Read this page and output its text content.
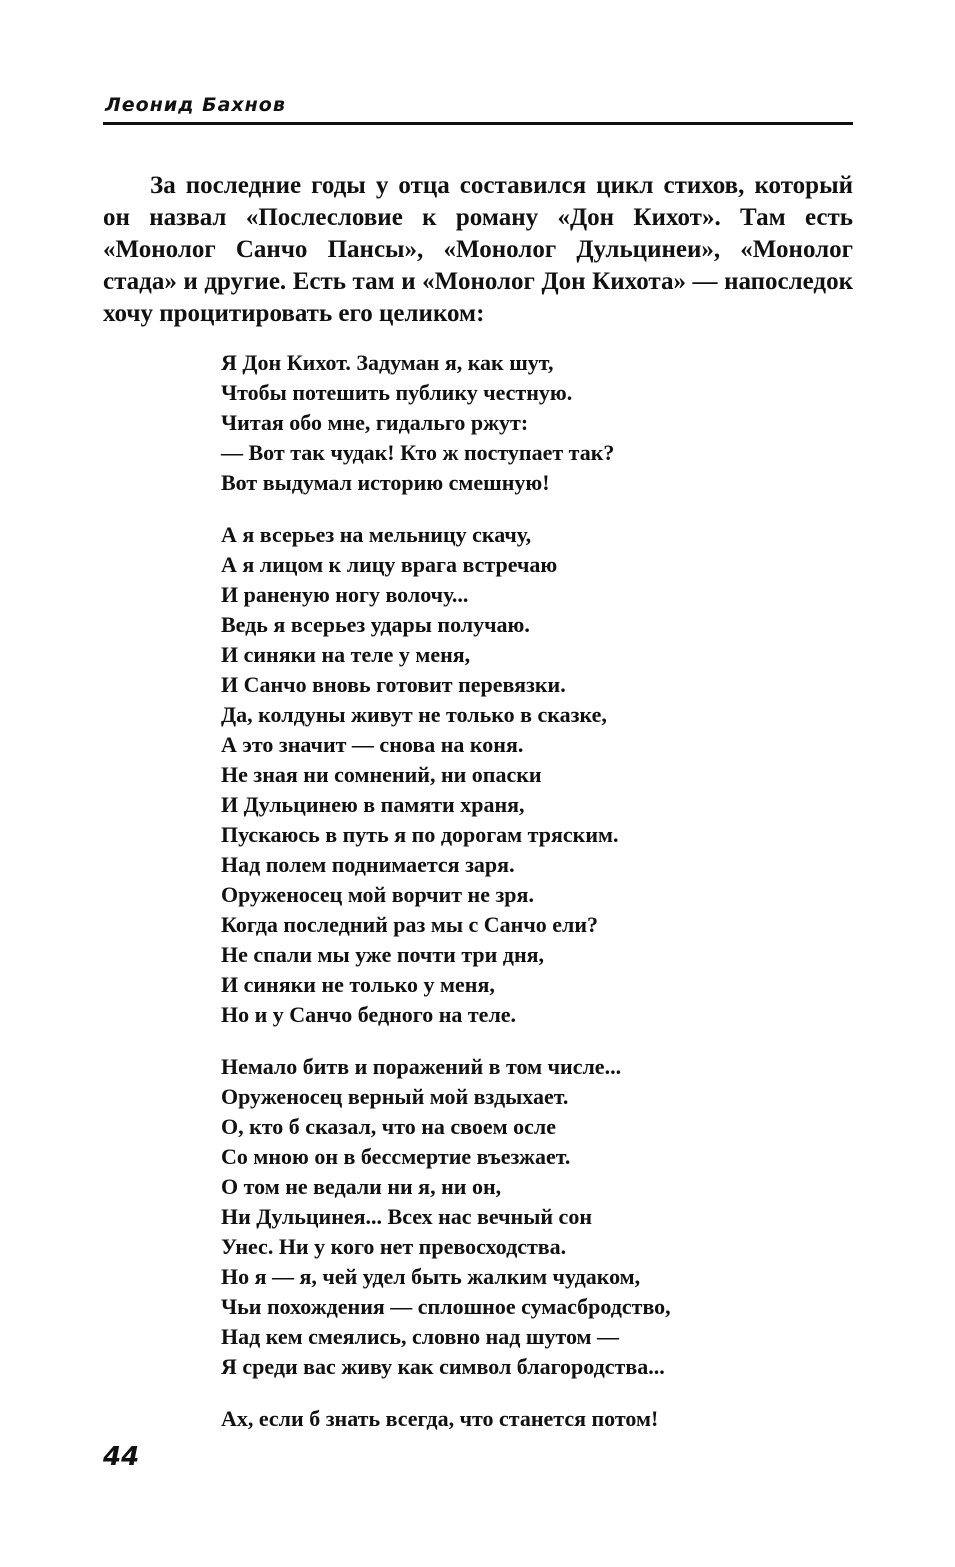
Леонид Бахнов

За последние годы у отца составился цикл стихов, который он назвал «Послесловие к роману «Дон Кихот». Там есть «Монолог Санчо Пансы», «Монолог Дульцинеи», «Монолог стада» и другие. Есть там и «Монолог Дон Кихота» — напоследок хочу процитировать его целиком:

Я Дон Кихот. Задуман я, как шут,
Чтобы потешить публику честную.
Читая обо мне, гидальго ржут:
— Вот так чудак! Кто ж поступает так?
Вот выдумал историю смешную!
А я всерьез на мельницу скачу,
А я лицом к лицу врага встречаю
И раненую ногу волочу...
Ведь я всерьез удары получаю.
И синяки на теле у меня,
И Санчо вновь готовит перевязки.
Да, колдуны живут не только в сказке,
А это значит — снова на коня.
Не зная ни сомнений, ни опаски
И Дульцинею в памяти храня,
Пускаюсь в путь я по дорогам тряским.
Над полем поднимается заря.
Оруженосец мой ворчит не зря.
Когда последний раз мы с Санчо ели?
Не спали мы уже почти три дня,
И синяки не только у меня,
Но и у Санчо бедного на теле.
Немало битв и поражений в том числе...
Оруженосец верный мой вздыхает.
О, кто б сказал, что на своем осле
Со мною он в бессмертие въезжает.
О том не ведали ни я, ни он,
Ни Дульцинея... Всех нас вечный сон
Унес. Ни у кого нет превосходства.
Но я — я, чей удел быть жалким чудаком,
Чьи похождения — сплошное сумасбродство,
Над кем смеялись, словно над шутом —
Я среди вас живу как символ благородства...
Ах, если б знать всегда, что станется потом!
44
